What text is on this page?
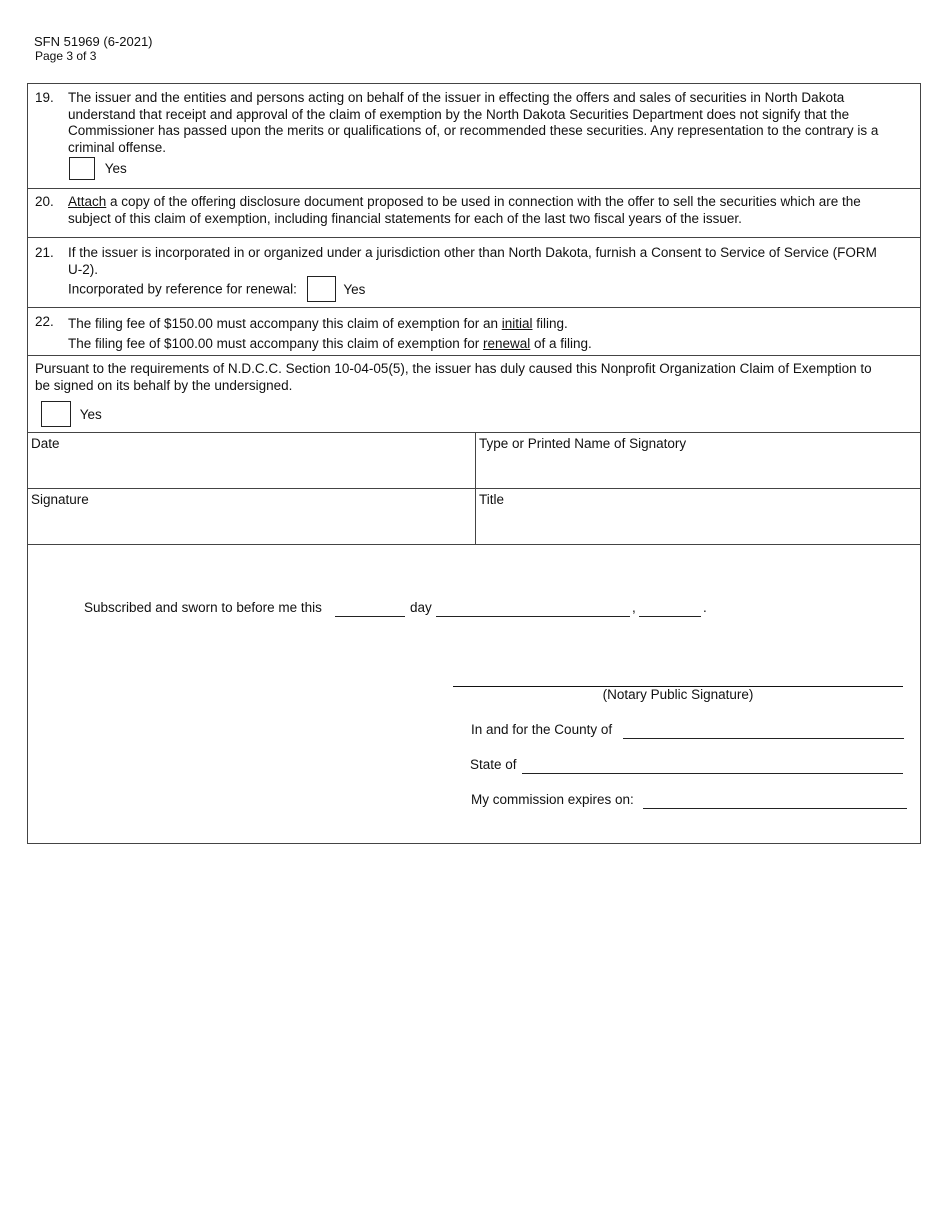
SFN 51969 (6-2021)
Page 3 of 3
19. The issuer and the entities and persons acting on behalf of the issuer in effecting the offers and sales of securities in North Dakota understand that receipt and approval of the claim of exemption by the North Dakota Securities Department does not signify that the Commissioner has passed upon the merits or qualifications of, or recommended these securities. Any representation to the contrary is a criminal offense.

Yes
20. Attach a copy of the offering disclosure document proposed to be used in connection with the offer to sell the securities which are the subject of this claim of exemption, including financial statements for each of the last two fiscal years of the issuer.

21. If the issuer is incorporated in or organized under a jurisdiction other than North Dakota, furnish a Consent to Service of Service (FORM U-2).

Incorporated by reference for renewal:	Yes
22. The filing fee of $150.00 must accompany this claim of exemption for an initial filing.

The filing fee of $100.00 must accompany this claim of exemption for renewal of a filing.

Pursuant to the requirements of N.D.C.C. Section 10-04-05(5), the issuer has duly caused this Nonprofit Organization Claim of Exemption to be signed on its behalf by the undersigned.

Yes
Date	Type or Printed Name of Signatory
Signature	Title
Subscribed and sworn to before me this	day	,	.
(Notary Public Signature)
In and for the County of
State of
My commission expires on:
